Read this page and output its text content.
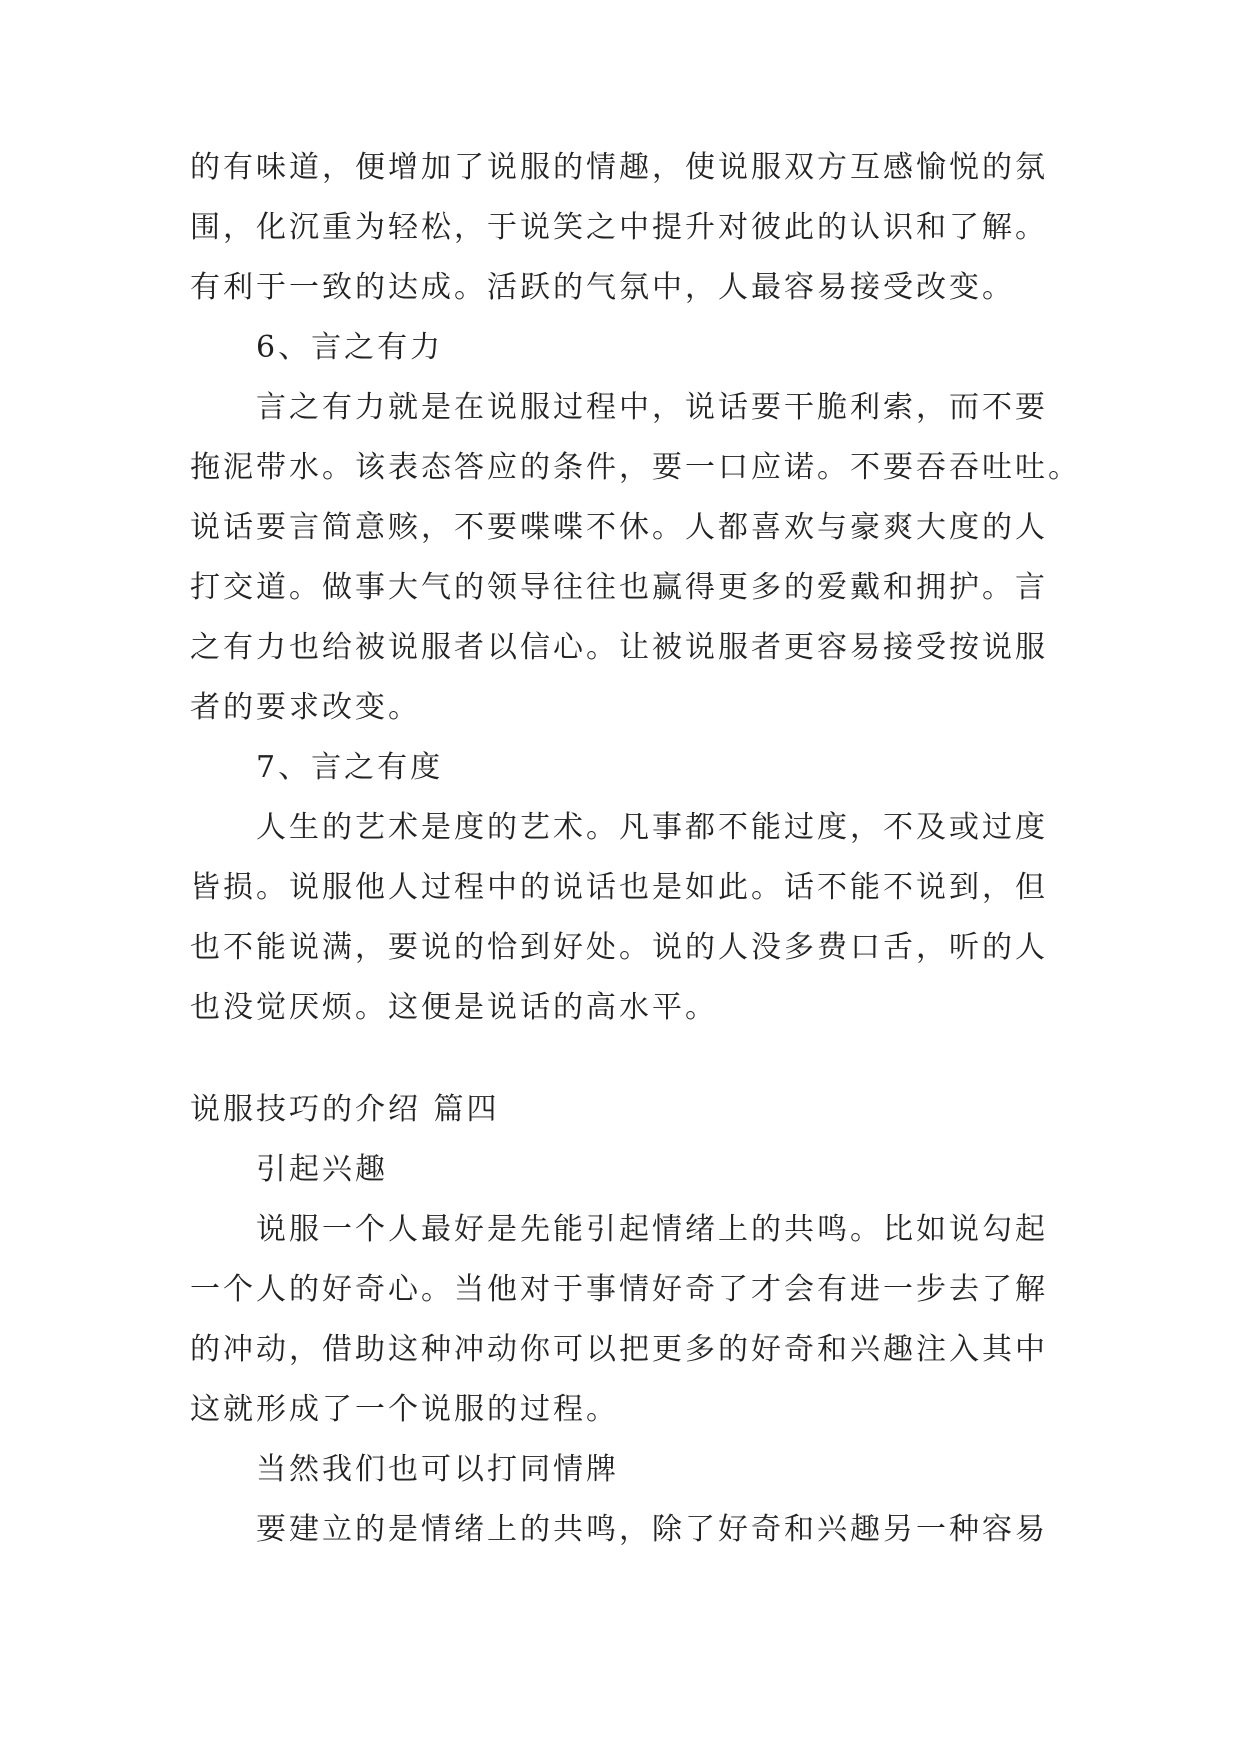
的有味道，便增加了说服的情趣，使说服双方互感愉悦的氛
围，化沉重为轻松，于说笑之中提升对彼此的认识和了解。
有利于一致的达成。活跃的气氛中，人最容易接受改变。
6、言之有力
言之有力就是在说服过程中，说话要干脆利索，而不要
拖泥带水。该表态答应的条件，要一口应诺。不要吞吞吐吐。
说话要言简意赅，不要喋喋不休。人都喜欢与豪爽大度的人
打交道。做事大气的领导往往也赢得更多的爱戴和拥护。言
之有力也给被说服者以信心。让被说服者更容易接受按说服
者的要求改变。
7、言之有度
人生的艺术是度的艺术。凡事都不能过度，不及或过度
皆损。说服他人过程中的说话也是如此。话不能不说到，但
也不能说满，要说的恰到好处。说的人没多费口舌，听的人
也没觉厌烦。这便是说话的高水平。
说服技巧的介绍 篇四
引起兴趣
说服一个人最好是先能引起情绪上的共鸣。比如说勾起
一个人的好奇心。当他对于事情好奇了才会有进一步去了解
的冲动，借助这种冲动你可以把更多的好奇和兴趣注入其中
这就形成了一个说服的过程。
当然我们也可以打同情牌
要建立的是情绪上的共鸣，除了好奇和兴趣另一种容易
